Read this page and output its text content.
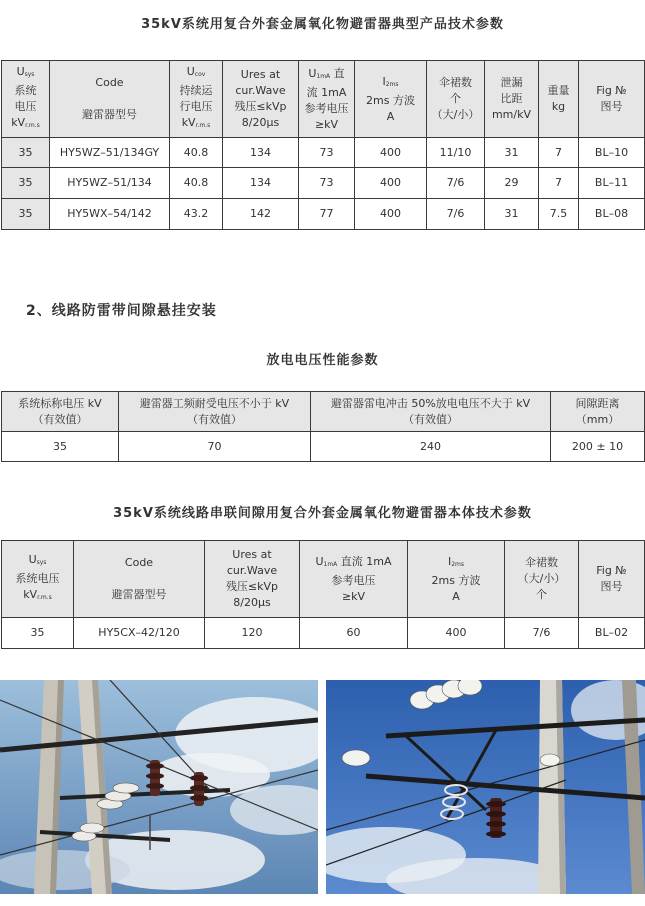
35kV系统用复合外套金属氧化物避雷器典型产品技术参数
Usys
系统
电压
kVr.m.s	Code

避雷器型号	Ucov
持续运
行电压
kVr.m.s	Ures at
cur.Wave
残压≤kVp
8/20μs	U1mA 直
流 1mA
参考电压
≥kV	I2ms
2ms 方波
A	伞裙数
个
（大/小）	泄漏
比距
mm/kV	重量
kg	Fig №
图号

35	HY5WZ–51/134GY	40.8	134	73	400	11/10	31	7	BL–10
35	HY5WZ–51/134	40.8	134	73	400	7/6	29	7	BL–11
35	HY5WX–54/142	43.2	142	77	400	7/6	31	7.5	BL–08
2、线路防雷带间隙悬挂安装
放电电压性能参数
系统标称电压 kV
（有效值）	避雷器工频耐受电压不小于 kV
（有效值）	避雷器雷电冲击 50%放电电压不大于 kV
（有效值）	间隙距离
（mm）

35	70	240	200 ± 10
35kV系统线路串联间隙用复合外套金属氧化物避雷器本体技术参数
Usys
系统电压
kVr.m.s	Code

避雷器型号	Ures at
cur.Wave
残压≤kVp
8/20μs	U1mA 直流 1mA
参考电压
≥kV	I2ms
2ms 方波
A	伞裙数
（大/小）
个	Fig №
图号

35	HY5CX–42/120	120	60	400	7/6	BL–02
